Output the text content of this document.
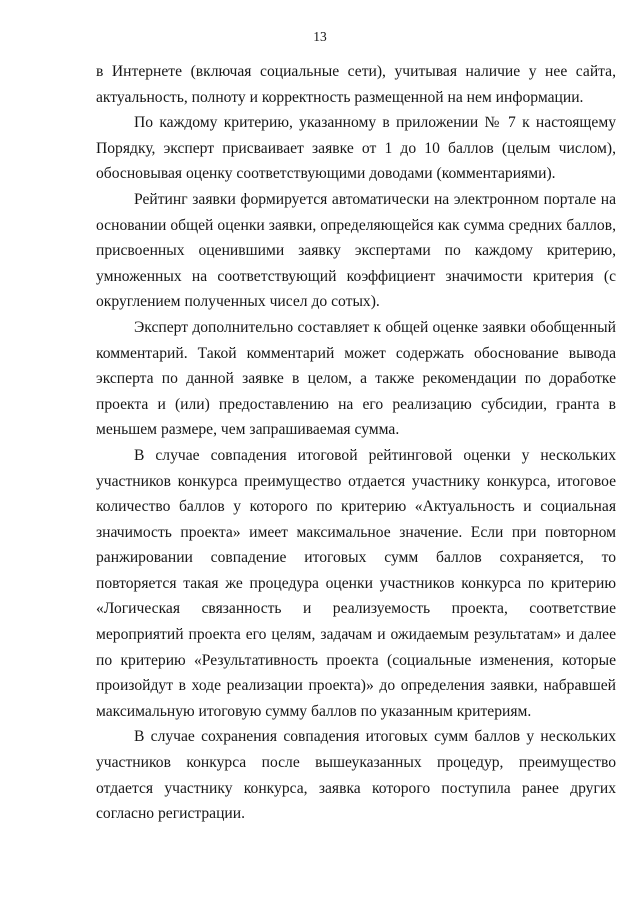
13

в Интернете (включая социальные сети), учитывая наличие у нее сайта, актуальность, полноту и корректность размещенной на нем информации.

По каждому критерию, указанному в приложении № 7 к настоящему Порядку, эксперт присваивает заявке от 1 до 10 баллов (целым числом), обосновывая оценку соответствующими доводами (комментариями).

Рейтинг заявки формируется автоматически на электронном портале на основании общей оценки заявки, определяющейся как сумма средних баллов, присвоенных оценившими заявку экспертами по каждому критерию, умноженных на соответствующий коэффициент значимости критерия (с округлением полученных чисел до сотых).

Эксперт дополнительно составляет к общей оценке заявки обобщенный комментарий. Такой комментарий может содержать обоснование вывода эксперта по данной заявке в целом, а также рекомендации по доработке проекта и (или) предоставлению на его реализацию субсидии, гранта в меньшем размере, чем запрашиваемая сумма.

В случае совпадения итоговой рейтинговой оценки у нескольких участников конкурса преимущество отдается участнику конкурса, итоговое количество баллов у которого по критерию «Актуальность и социальная значимость проекта» имеет максимальное значение. Если при повторном ранжировании совпадение итоговых сумм баллов сохраняется, то повторяется такая же процедура оценки участников конкурса по критерию «Логическая связанность и реализуемость проекта, соответствие мероприятий проекта его целям, задачам и ожидаемым результатам» и далее по критерию «Результативность проекта (социальные изменения, которые произойдут в ходе реализации проекта)» до определения заявки, набравшей максимальную итоговую сумму баллов по указанным критериям.

В случае сохранения совпадения итоговых сумм баллов у нескольких участников конкурса после вышеуказанных процедур, преимущество отдается участнику конкурса, заявка которого поступила ранее других согласно регистрации.
